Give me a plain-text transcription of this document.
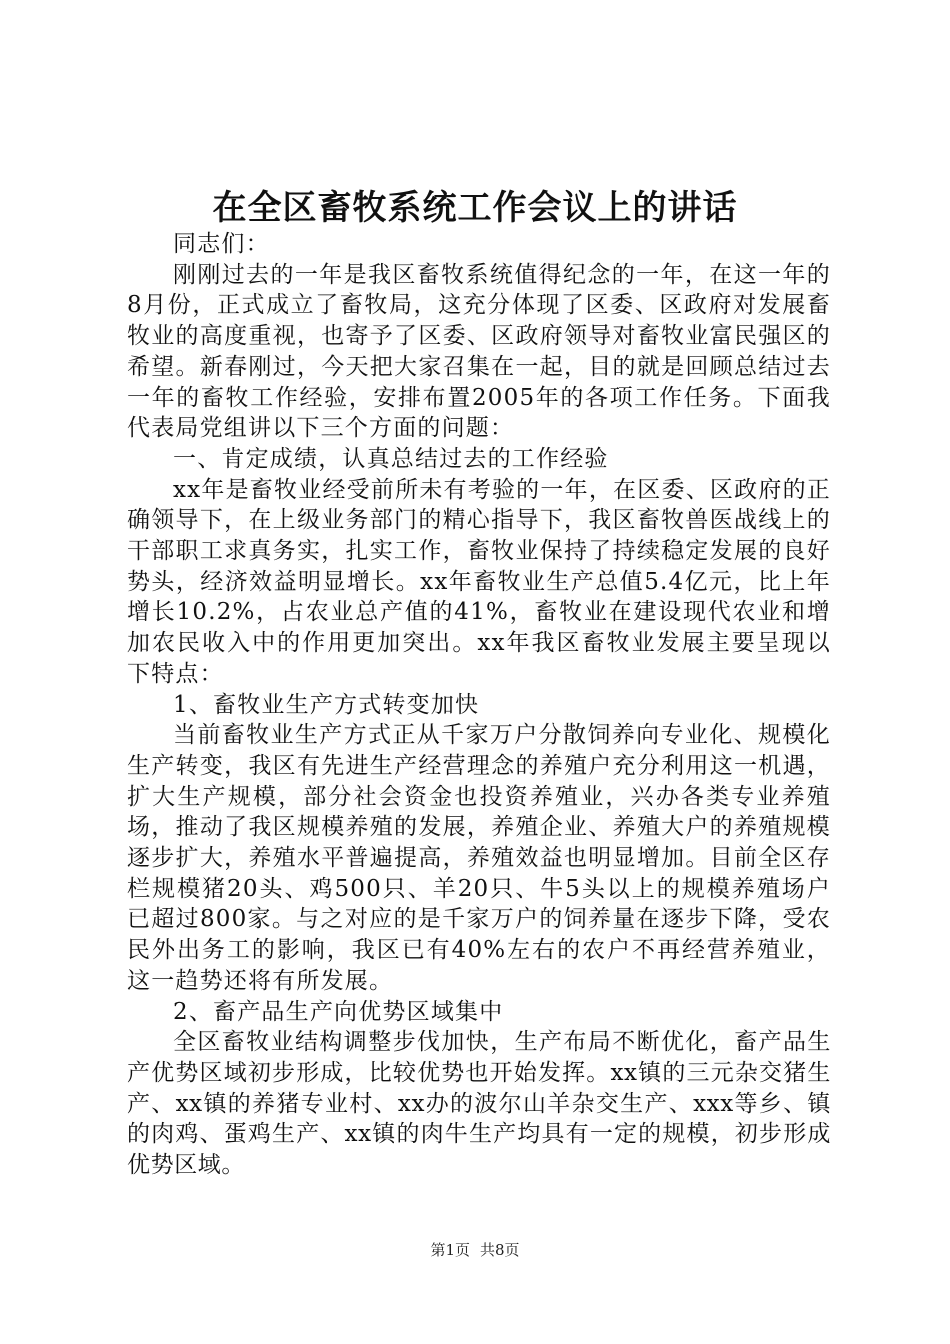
在全区畜牧系统工作会议上的讲话

同志们：

刚刚过去的一年是我区畜牧系统值得纪念的一年，在这一年的8月份，正式成立了畜牧局，这充分体现了区委、区政府对发展畜牧业的高度重视，也寄予了区委、区政府领导对畜牧业富民强区的希望。新春刚过，今天把大家召集在一起，目的就是回顾总结过去一年的畜牧工作经验，安排布置2005年的各项工作任务。下面我代表局党组讲以下三个方面的问题：

一、肯定成绩，认真总结过去的工作经验

xx年是畜牧业经受前所未有考验的一年，在区委、区政府的正确领导下，在上级业务部门的精心指导下，我区畜牧兽医战线上的干部职工求真务实，扎实工作，畜牧业保持了持续稳定发展的良好势头，经济效益明显增长。xx年畜牧业生产总值5.4亿元，比上年增长10.2%，占农业总产值的41%，畜牧业在建设现代农业和增加农民收入中的作用更加突出。xx年我区畜牧业发展主要呈现以下特点：

1、畜牧业生产方式转变加快

当前畜牧业生产方式正从千家万户分散饲养向专业化、规模化生产转变，我区有先进生产经营理念的养殖户充分利用这一机遇，扩大生产规模，部分社会资金也投资养殖业，兴办各类专业养殖场，推动了我区规模养殖的发展，养殖企业、养殖大户的养殖规模逐步扩大，养殖水平普遍提高，养殖效益也明显增加。目前全区存栏规模猪20头、鸡500只、羊20只、牛5头以上的规模养殖场户已超过800家。与之对应的是千家万户的饲养量在逐步下降，受农民外出务工的影响，我区已有40%左右的农户不再经营养殖业，这一趋势还将有所发展。

2、畜产品生产向优势区域集中

全区畜牧业结构调整步伐加快，生产布局不断优化，畜产品生产优势区域初步形成，比较优势也开始发挥。xx镇的三元杂交猪生产、xx镇的养猪专业村、xx办的波尔山羊杂交生产、xxx等乡、镇的肉鸡、蛋鸡生产、xx镇的肉牛生产均具有一定的规模，初步形成优势区域。

第1页 共8页
